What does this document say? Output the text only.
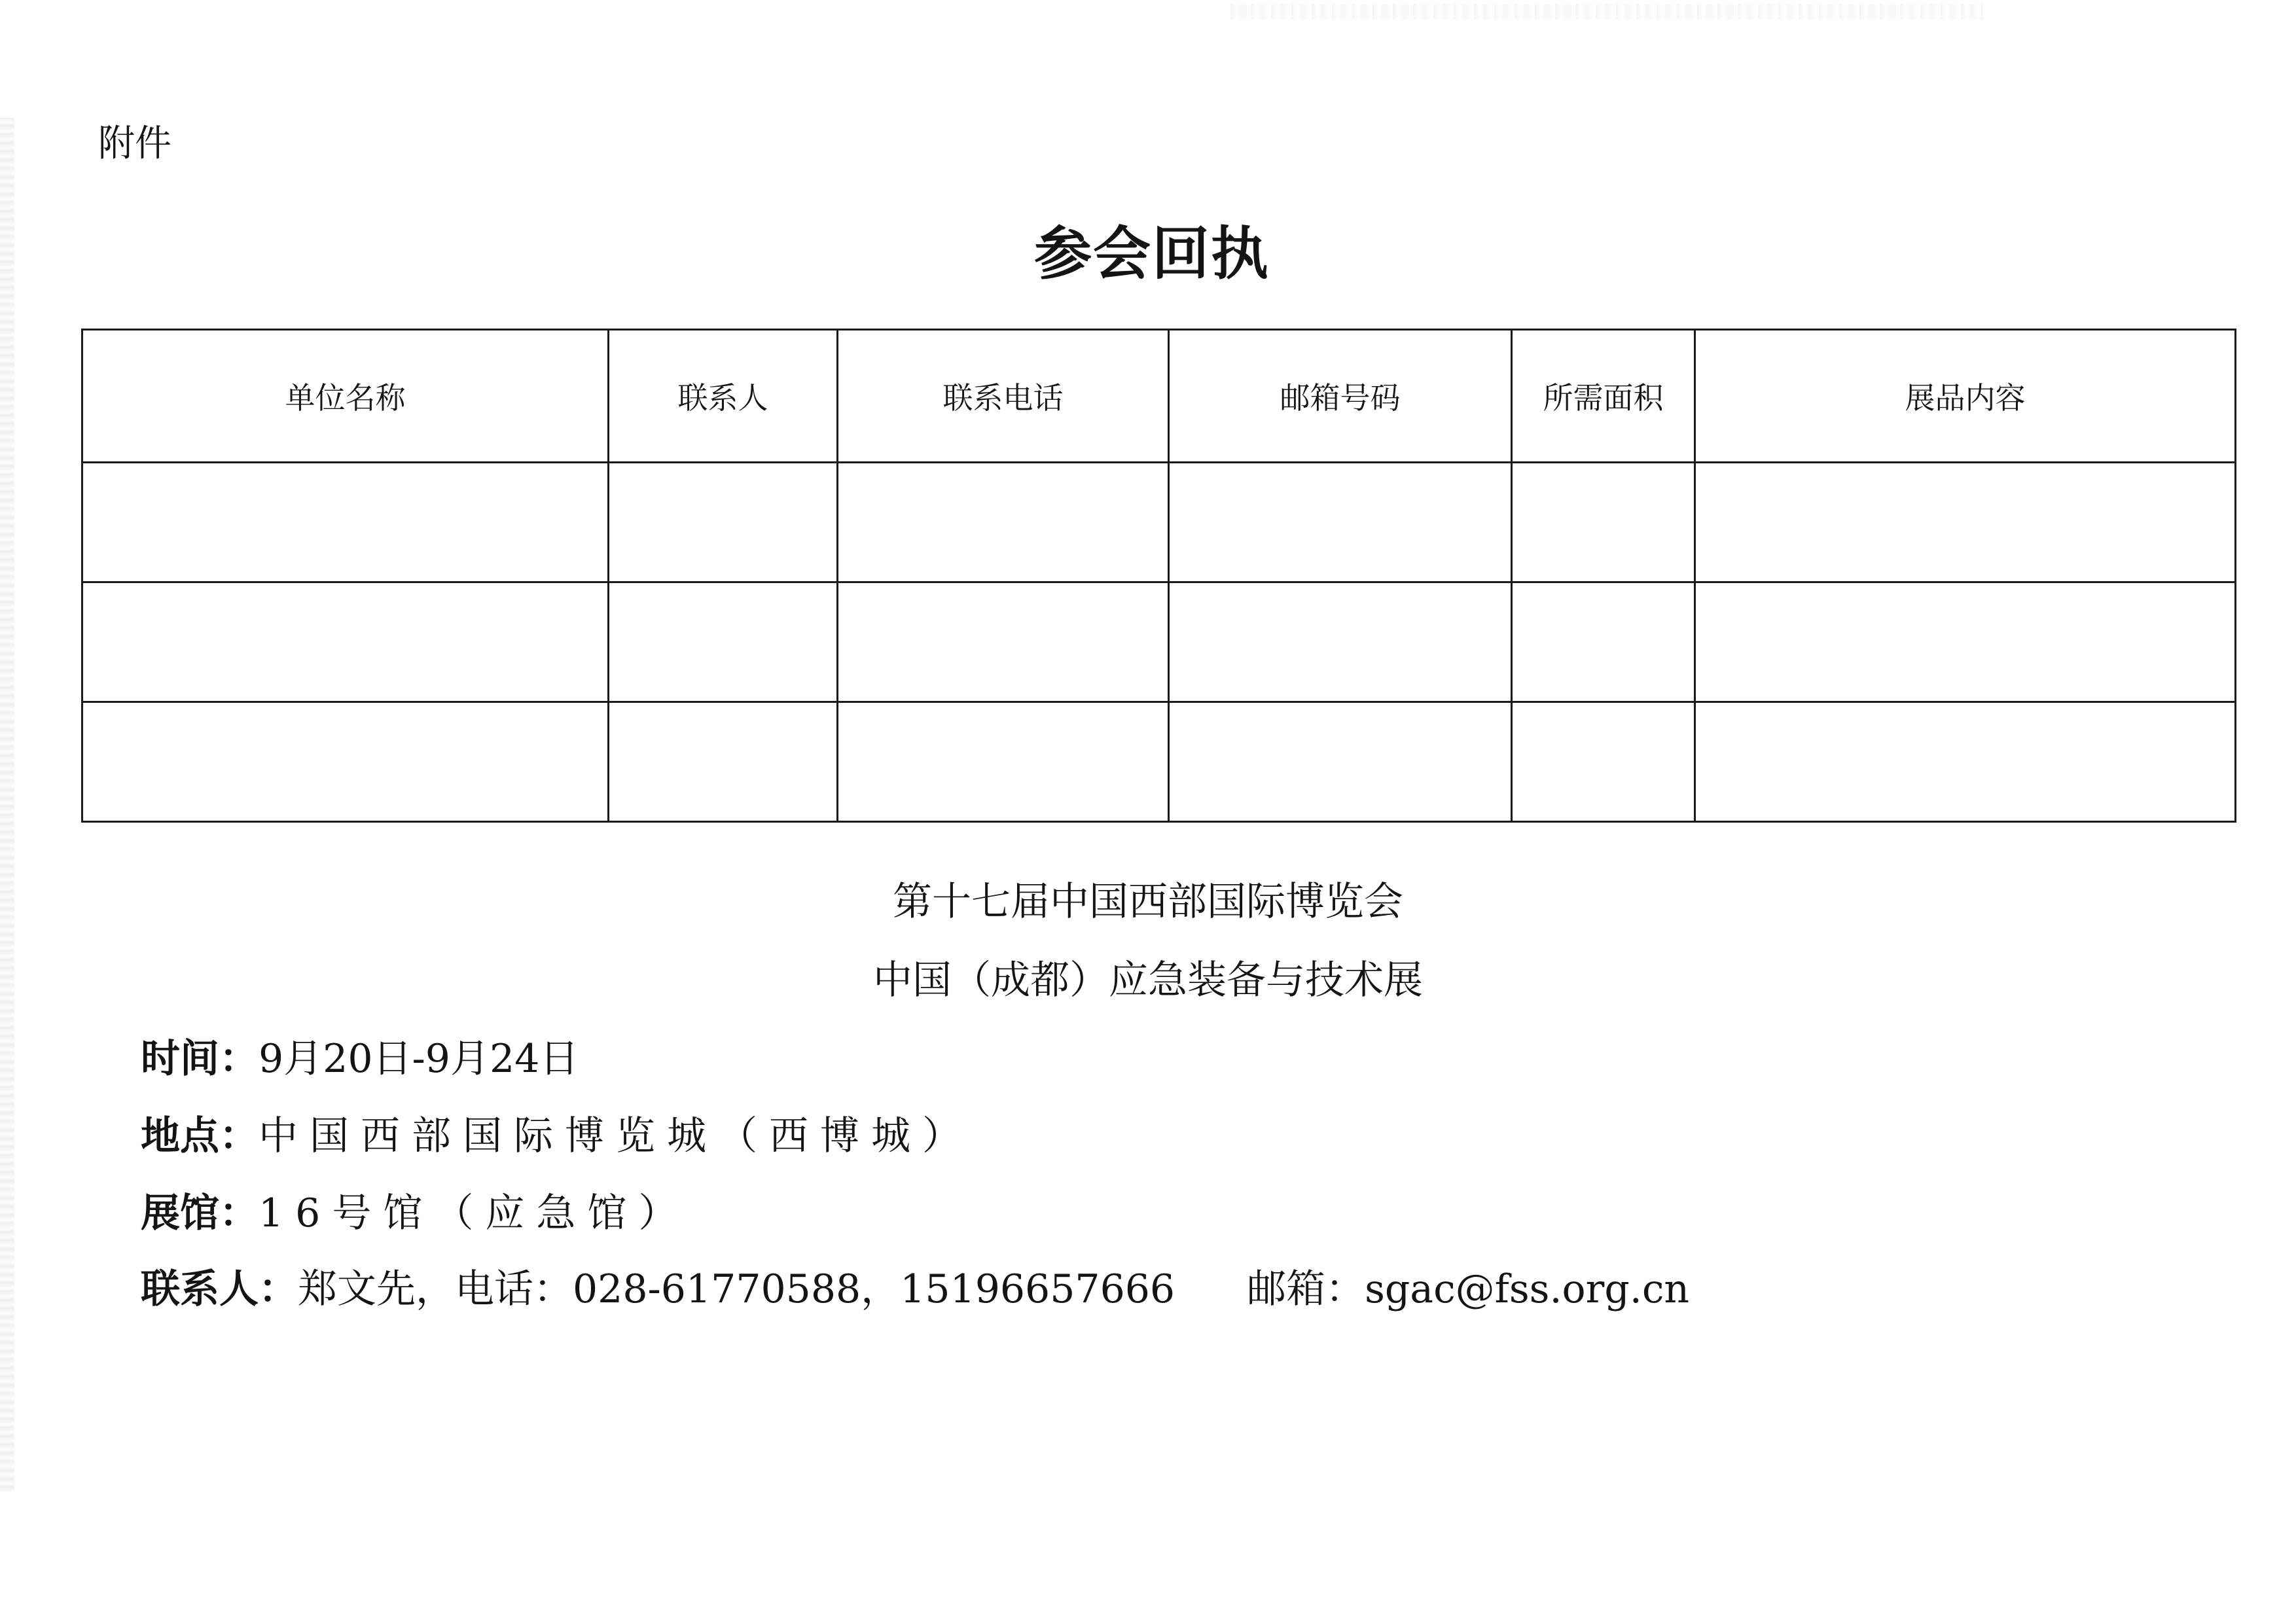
附件
参会回执
单位名称	联系人	联系电话	邮箱号码	所需面积	展品内容

第十七届中国西部国际博览会
中国（成都）应急装备与技术展
时间：9月20日-9月24日
地点：中国西部国际博览城（西博城）
展馆：16号馆（应急馆）
联系人：郑文先，电话：028-61770588，15196657666 邮箱：sgac@fss.org.cn
